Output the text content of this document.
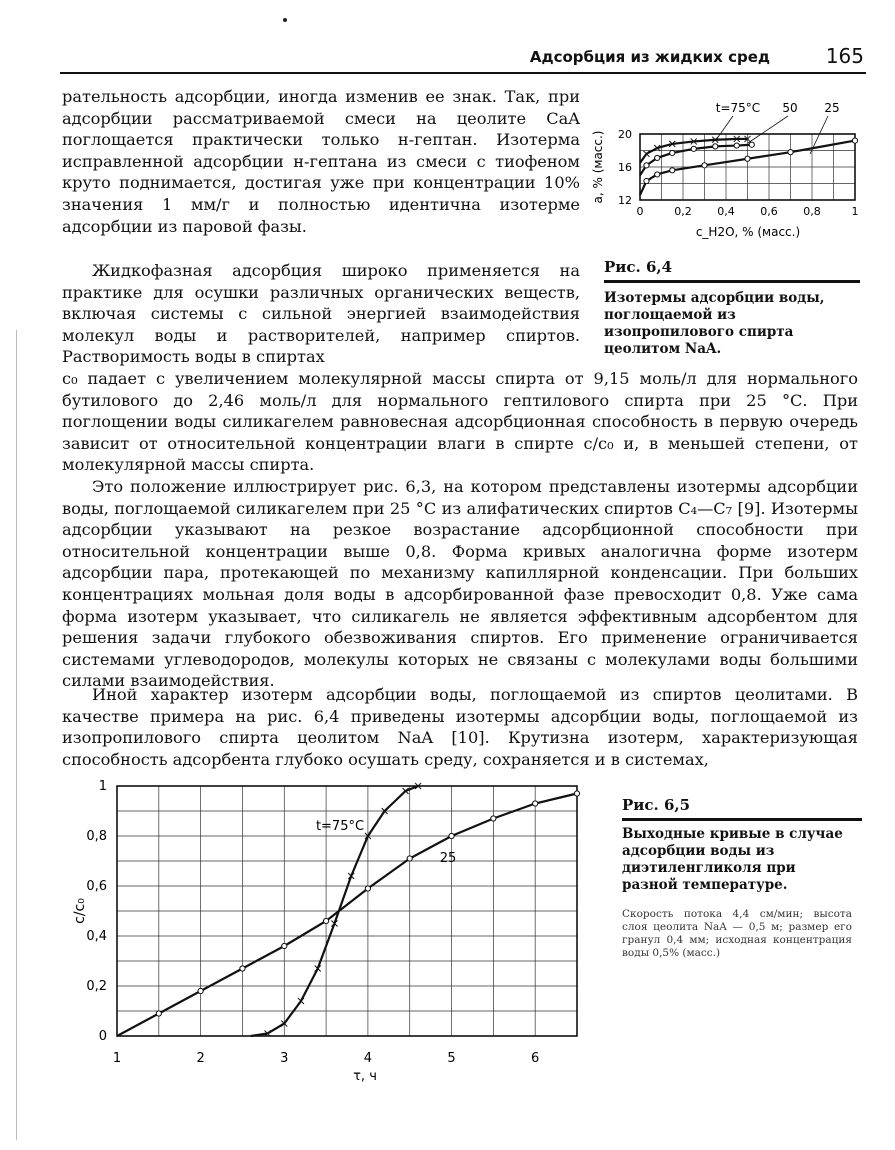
Адсорбция из жидких сред	165

рательность адсорбции, иногда изменив ее знак. Так, при адсорбции рассматриваемой смеси на цеолите CaA поглощается практически только н-гептан. Изотерма исправленной адсорбции н-гептана из смеси с тиофеном круто поднимается, достигая уже при концентрации 10% значения 1 мм/г и полностью идентична изотерме адсорбции из паровой фазы.

Жидкофазная адсорбция широко применяется на практике для осушки различных органических веществ, включая системы с сильной энергией взаимодействия молекул воды и растворителей, например спиртов. Растворимость воды в спиртах

c₀ падает с увеличением молекулярной массы спирта от 9,15 моль/л для нормального бутилового до 2,46 моль/л для нормального гептилового спирта при 25 °С. При поглощении воды силикагелем равновесная адсорбционная способность в первую очередь зависит от относительной концентрации влаги в спирте c/c₀ и, в меньшей степени, от молекулярной массы спирта.

Это положение иллюстрирует рис. 6,3, на котором представлены изотермы адсорбции воды, поглощаемой силикагелем при 25 °С из алифатических спиртов C₄—C₇ [9]. Изотермы адсорбции указывают на резкое возрастание адсорбционной способности при относительной концентрации выше 0,8. Форма кривых аналогична форме изотерм адсорбции пара, протекающей по механизму капиллярной конденсации. При больших концентрациях мольная доля воды в адсорбированной фазе превосходит 0,8. Уже сама форма изотерм указывает, что силикагель не является эффективным адсорбентом для решения задачи глубокого обезвоживания спиртов. Его применение ограничивается системами углеводородов, молекулы которых не связаны с молекулами воды большими силами взаимодействия.

Иной характер изотерм адсорбции воды, поглощаемой из спиртов цеолитами. В качестве примера на рис. 6,4 приведены изотермы адсорбции воды, поглощаемой из изопропилового спирта цеолитом NaA [10]. Крутизна изотерм, характеризующая способность адсорбента глубоко осушать среду, сохраняется и в системах,

0	0,2 0,4 0,6 0,8	1
12
16
20
a, % (масс.)
c_H2O, % (масс.)
t=75°C 50 25
Рис. 6,4

Изотермы адсорбции воды, поглощаемой из изопропилового спирта цеолитом NaA.

1	2	3	4	5	6
0
0,2
0,4
0,6
0,8
1
c/c₀
τ, ч
t=75°C
25
Рис. 6,5

Выходные кривые в случае адсорбции воды из диэтиленгликоля при разной температуре.

Скорость потока 4,4 см/мин; высота слоя цеолита NaA — 0,5 м; размер его гранул 0,4 мм; исходная концентрация воды 0,5% (масс.)
